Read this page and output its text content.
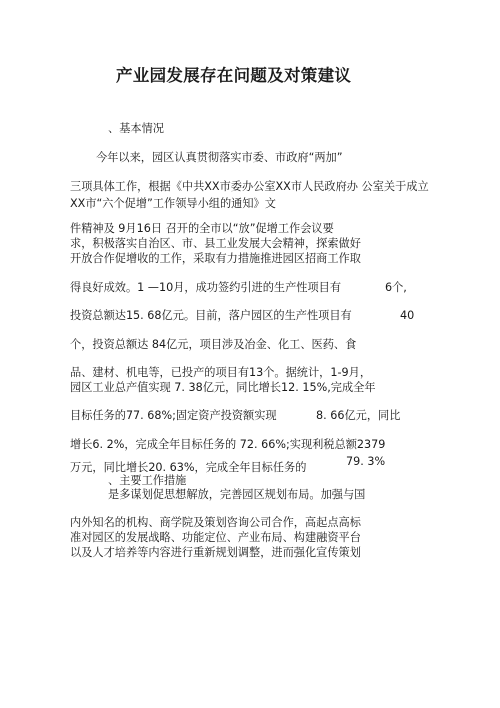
产业园发展存在问题及对策建议
、基本情况
今年以来，园区认真贯彻落实市委、市政府“两加”
三项具体工作，根据《中共XX市委办公室XX市人民政府办 公室关于成立
XX市“六个促增”工作领导小组的通知》文
件精神及 9月16日 召开的全市以“放”促增工作会议要
求，积极落实自治区、市、县工业发展大会精神，探索做好
开放合作促增收的工作，采取有力措施推进园区招商工作取
得良好成效。1 —10月，成功签约引进的生产性项目有	6个,
投资总额达15. 68亿元。目前，落户园区的生产性项目有	40
个，投资总额达 84亿元，项目涉及冶金、化工、医药、食
品、建材、机电等，已投产的项目有13个。据统计，1-9月，
园区工业总产值实现 7. 38亿元，同比增长12. 15%,完成全年
目标任务的77. 68%;固定资产投资额实现	8. 66亿元，同比
增长6. 2%，完成全年目标任务的 72. 66%;实现利税总额2379
79. 3%
万元，同比增长20. 63%，完成全年目标任务的
、主要工作措施
是多谋划促思想解放，完善园区规划布局。加强与国
内外知名的机构、商学院及策划咨询公司合作，高起点高标
准对园区的发展战略、功能定位、产业布局、构建融资平台
以及人才培养等内容进行重新规划调整，进而强化宣传策划
